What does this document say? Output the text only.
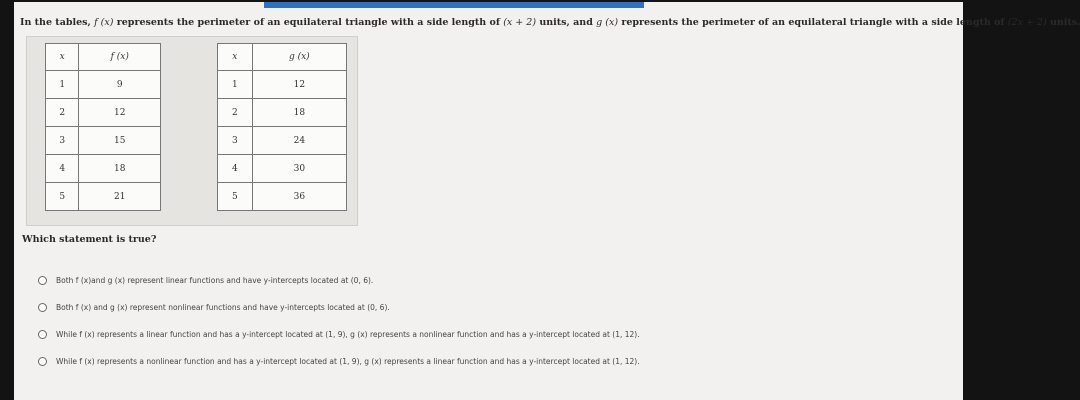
In the tables, f (x) represents the perimeter of an equilateral triangle with a side length of (x + 2) units, and g (x) represents the perimeter of an equilateral triangle with a side length of (2x + 2) units.
x	f (x)
1	9
2	12
3	15
4	18
5	21
x	g (x)
1	12
2	18
3	24
4	30
5	36
Which statement is true?
Both f (x)and g (x) represent linear functions and have y-intercepts located at (0, 6).
Both f (x) and g (x) represent nonlinear functions and have y-intercepts located at (0, 6).
While f (x) represents a linear function and has a y-intercept located at (1, 9), g (x) represents a nonlinear function and has a y-intercept located at (1, 12).
While f (x) represents a nonlinear function and has a y-intercept located at (1, 9), g (x) represents a linear function and has a y-intercept located at (1, 12).
